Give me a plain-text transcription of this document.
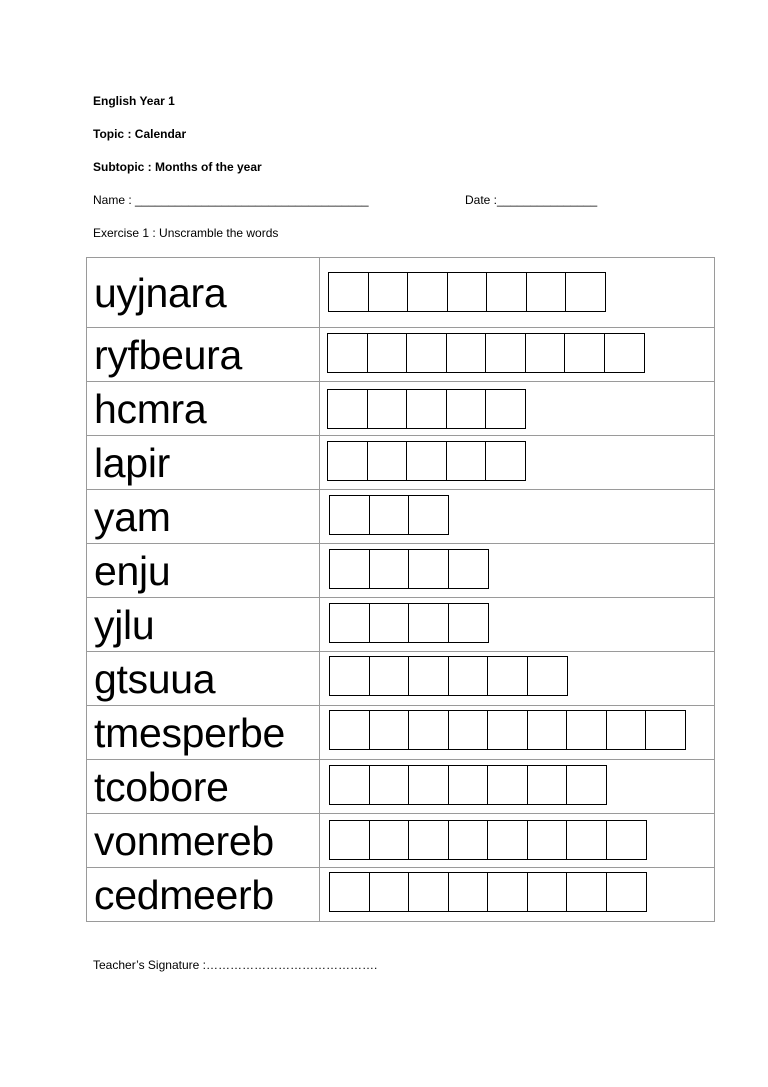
English Year 1
Topic : Calendar
Subtopic : Months of the year
Name : ___________________________________	Date :_______________
Exercise 1 : Unscramble the words
uyjnara	

ryfbeura	

hcmra	

lapir	

yam	

enju	

yjlu	

gtsuua	

tmesperbe	

tcobore	

vonmereb	

cedmeerb	

Teacher’s Signature :…………………………………….
